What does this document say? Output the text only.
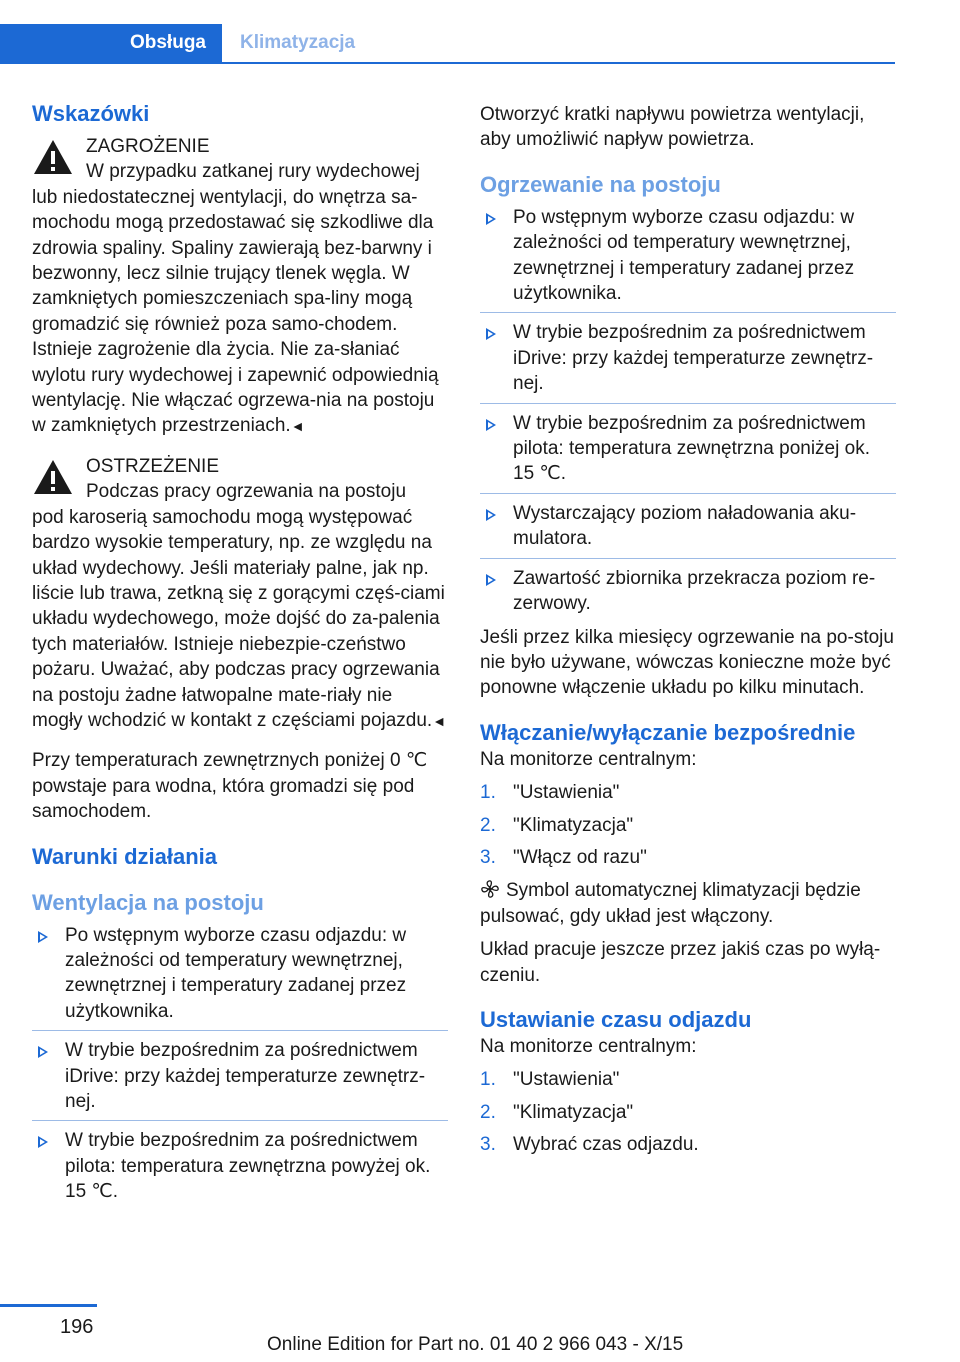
Obsługa	Klimatyzacja
Wskazówki
ZAGROŻENIE
W przypadku zatkanej rury wydechowej
lub niedostatecznej wentylacji, do wnętrza sa-mochodu mogą przedostawać się szkodliwe dla zdrowia spaliny. Spaliny zawierają bez-barwny i bezwonny, lecz silnie trujący tlenek węgla. W zamkniętych pomieszczeniach spa-liny mogą gromadzić się również poza samo-chodem. Istnieje zagrożenie dla życia. Nie za-słaniać wylotu rury wydechowej i zapewnić odpowiednią wentylację. Nie włączać ogrzewa-nia na postoju w zamkniętych przestrzeniach.◄
OSTRZEŻENIE
Podczas pracy ogrzewania na postoju
pod karoserią samochodu mogą występować bardzo wysokie temperatury, np. ze względu na układ wydechowy. Jeśli materiały palne, jak np. liście lub trawa, zetkną się z gorącymi częś-ciami układu wydechowego, może dojść do za-palenia tych materiałów. Istnieje niebezpie-czeństwo pożaru. Uważać, aby podczas pracy ogrzewania na postoju żadne łatwopalne mate-riały nie mogły wchodzić w kontakt z częściami pojazdu.◄

Przy temperaturach zewnętrznych poniżej 0 ℃ powstaje para wodna, która gromadzi się pod samochodem.

Warunki działania
Wentylacja na postoju
Po wstępnym wyborze czasu odjazdu: w zależności od temperatury wewnętrznej, zewnętrznej i temperatury zadanej przez użytkownika.
W trybie bezpośrednim za pośrednictwem iDrive: przy każdej temperaturze zewnętrz-nej.
W trybie bezpośrednim za pośrednictwem pilota: temperatura zewnętrzna powyżej ok. 15 ℃.

Otworzyć kratki napływu powietrza wentylacji, aby umożliwić napływ powietrza.

Ogrzewanie na postoju
Po wstępnym wyborze czasu odjazdu: w zależności od temperatury wewnętrznej, zewnętrznej i temperatury zadanej przez użytkownika.
W trybie bezpośrednim za pośrednictwem iDrive: przy każdej temperaturze zewnętrz-nej.
W trybie bezpośrednim za pośrednictwem pilota: temperatura zewnętrzna poniżej ok. 15 ℃.
Wystarczający poziom naładowania aku-mulatora.
Zawartość zbiornika przekracza poziom re-zerwowy.

Jeśli przez kilka miesięcy ogrzewanie na po-stoju nie było używane, wówczas konieczne może być ponowne włączenie układu po kilku minutach.

Włączanie/wyłączanie bezpośrednie

Na monitorze centralnym:

1. "Ustawienia"
2. "Klimatyzacja"
3. "Włącz od razu"

Symbol automatycznej klimatyzacji będzie pulsować, gdy układ jest włączony.

Układ pracuje jeszcze przez jakiś czas po wyłą-czeniu.

Ustawianie czasu odjazdu

Na monitorze centralnym:

1. "Ustawienia"
2. "Klimatyzacja"
3. Wybrać czas odjazdu.
196
Online Edition for Part no. 01 40 2 966 043 - X/15
